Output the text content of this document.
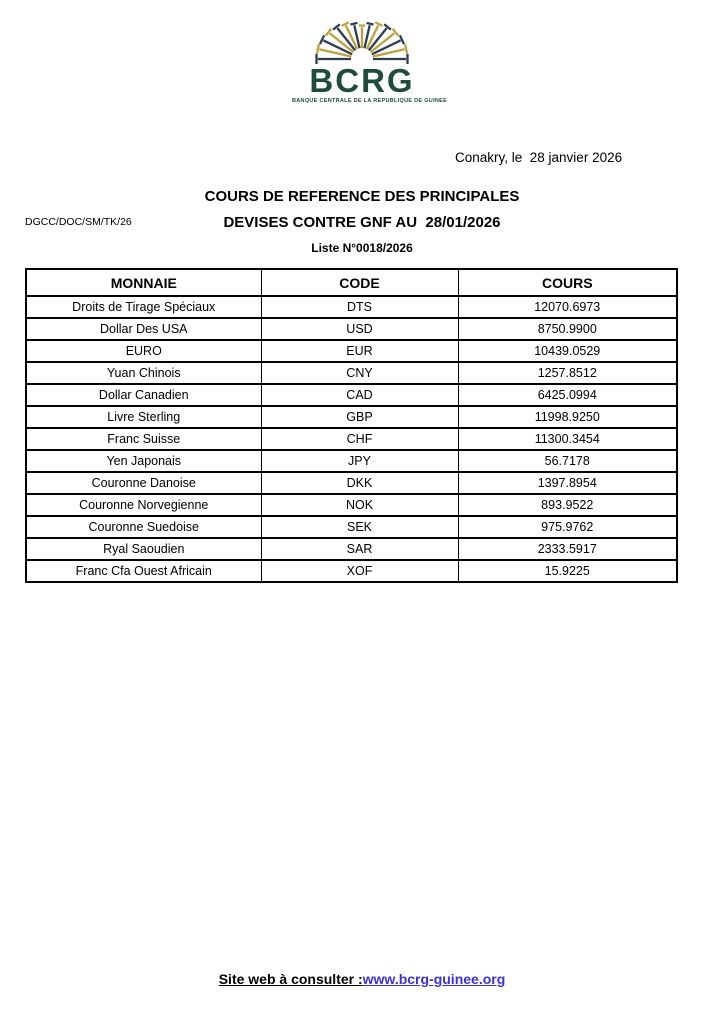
BCRG
BANQUE CENTRALE DE LA REPUBLIQUE DE GUINEE
Conakry, le  28 janvier 2026
DGCC/DOC/SM/TK/26
COURS DE REFERENCE DES PRINCIPALES
DEVISES CONTRE GNF AU  28/01/2026
Liste N°0018/2026
MONNAIE	CODE	COURS
Droits de Tirage Spéciaux	DTS	12070.6973
Dollar Des USA	USD	8750.9900
EURO	EUR	10439.0529
Yuan Chinois	CNY	1257.8512
Dollar Canadien	CAD	6425.0994
Livre Sterling	GBP	11998.9250
Franc Suisse	CHF	11300.3454
Yen Japonais	JPY	56.7178
Couronne Danoise	DKK	1397.8954
Couronne Norvegienne	NOK	893.9522
Couronne Suedoise	SEK	975.9762
Ryal Saoudien	SAR	2333.5917
Franc Cfa Ouest Africain	XOF	15.9225
Site web à consulter :www.bcrg-guinee.org
